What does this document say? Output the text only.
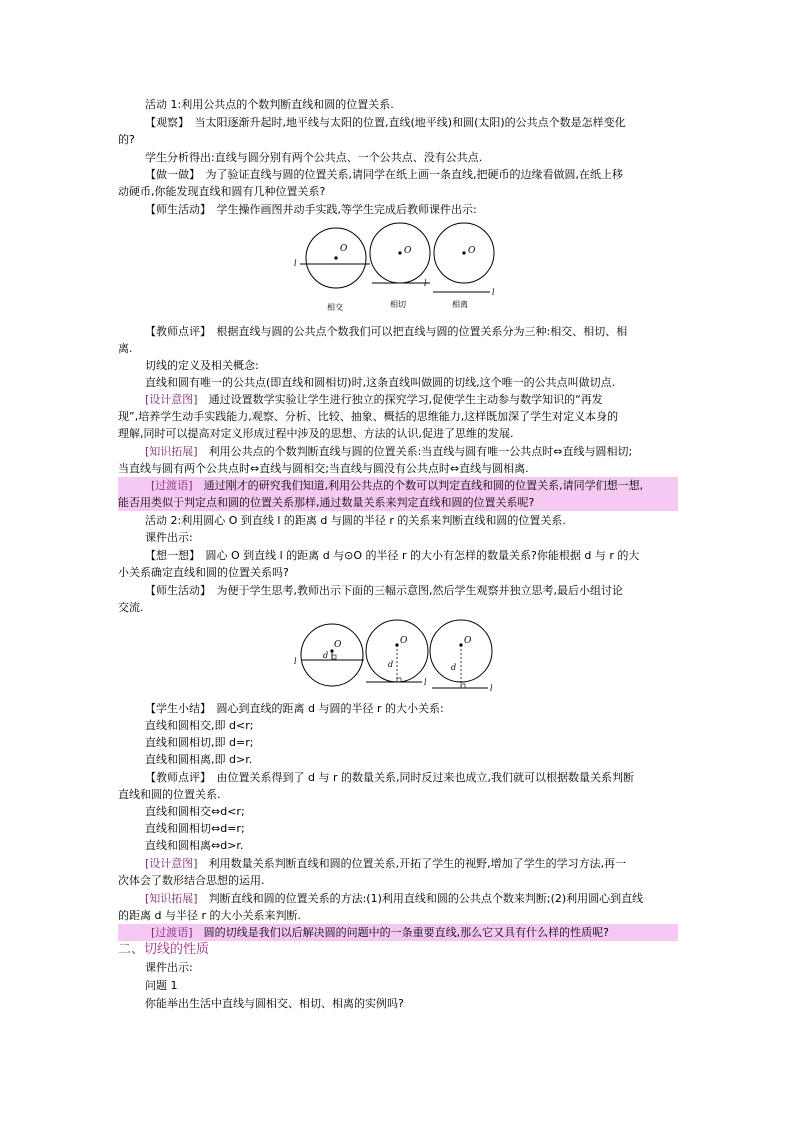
活动 1:利用公共点的个数判断直线和圆的位置关系.
【观察】　当太阳逐渐升起时,地平线与太阳的位置,直线(地平线)和圆(太阳)的公共点个数是怎样变化
的?
学生分析得出:直线与圆分别有两个公共点、一个公共点、没有公共点.
【做一做】　为了验证直线与圆的位置关系,请同学在纸上画一条直线,把硬币的边缘看做圆,在纸上移
动硬币,你能发现直线和圆有几种位置关系?
【师生活动】　学生操作画图并动手实践,等学生完成后教师课件出示:
O
l
O
l
O
l
相交	相切	相离
【教师点评】　根据直线与圆的公共点个数我们可以把直线与圆的位置关系分为三种:相交、相切、相
离.
切线的定义及相关概念:
直线和圆有唯一的公共点(即直线和圆相切)时,这条直线叫做圆的切线,这个唯一的公共点叫做切点.
[设计意图]　通过设置数学实验让学生进行独立的探究学习,促使学生主动参与数学知识的“再发
现”,培养学生动手实践能力,观察、分析、比较、抽象、概括的思维能力,这样既加深了学生对定义本身的
理解,同时可以提高对定义形成过程中涉及的思想、方法的认识,促进了思维的发展.
[知识拓展]　利用公共点的个数判断直线与圆的位置关系:当直线与圆有唯一公共点时⇔直线与圆相切;
当直线与圆有两个公共点时⇔直线与圆相交;当直线与圆没有公共点时⇔直线与圆相离.
　　　[过渡语]　通过刚才的研究我们知道,利用公共点的个数可以判定直线和圆的位置关系,请同学们想一想,
能否用类似于判定点和圆的位置关系那样,通过数量关系来判定直线和圆的位置关系呢?
活动 2:利用圆心 O 到直线 l 的距离 d 与圆的半径 r 的关系来判断直线和圆的位置关系.
课件出示:
【想一想】　圆心 O 到直线 l 的距离 d 与⊙O 的半径 r 的大小有怎样的数量关系?你能根据 d 与 r 的大
小关系确定直线和圆的位置关系吗?
【师生活动】　为便于学生思考,教师出示下面的三幅示意图,然后学生观察并独立思考,最后小组讨论
交流.
O
d
l
O
d
l
O
d
l
【学生小结】　圆心到直线的距离 d 与圆的半径 r 的大小关系:
直线和圆相交,即 d<r;
直线和圆相切,即 d=r;
直线和圆相离,即 d>r.
【教师点评】　由位置关系得到了 d 与 r 的数量关系,同时反过来也成立,我们就可以根据数量关系判断
直线和圆的位置关系.
直线和圆相交⇔d<r;
直线和圆相切⇔d=r;
直线和圆相离⇔d>r.
[设计意图]　利用数量关系判断直线和圆的位置关系,开拓了学生的视野,增加了学生的学习方法,再一
次体会了数形结合思想的运用.
[知识拓展]　判断直线和圆的位置关系的方法:(1)利用直线和圆的公共点个数来判断;(2)利用圆心到直线
的距离 d 与半径 r 的大小关系来判断.
　　　[过渡语]　圆的切线是我们以后解决圆的问题中的一条重要直线,那么它又具有什么样的性质呢?
二、切线的性质
课件出示:
问题 1
你能举出生活中直线与圆相交、相切、相离的实例吗?
